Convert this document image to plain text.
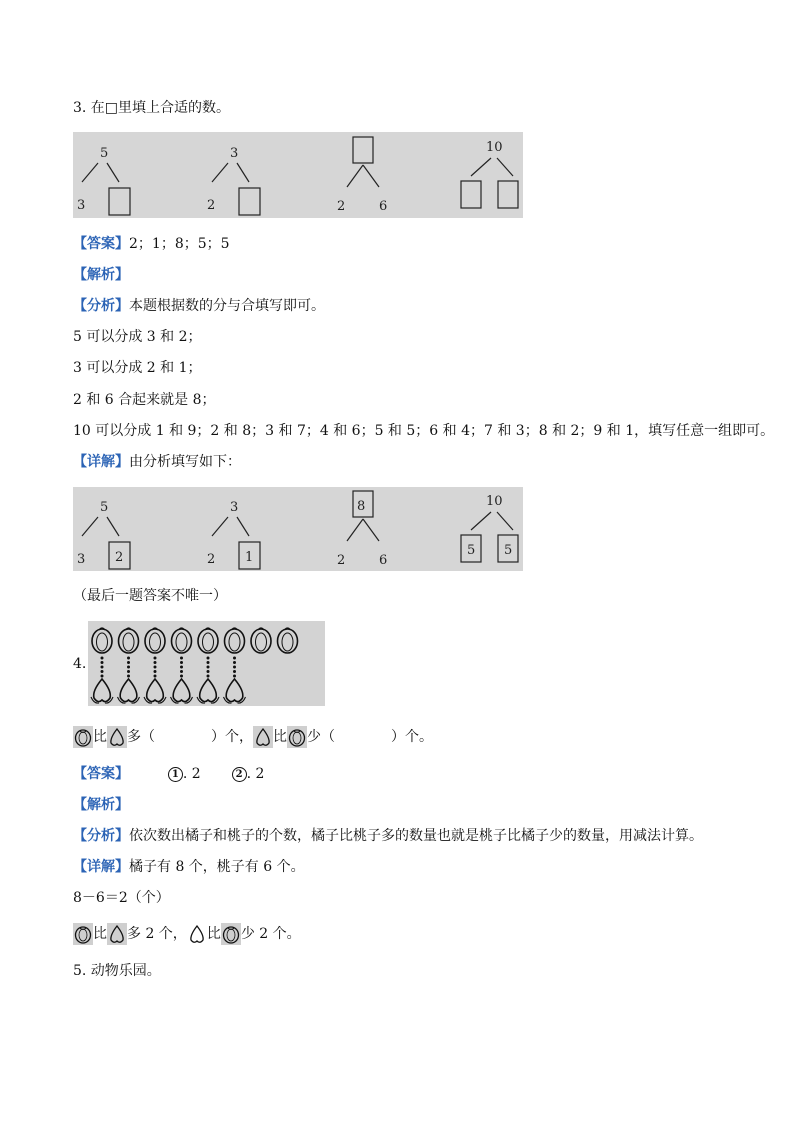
3. 在□里填上合适的数。
5
3
3
2	2	6
10
【答案】2；1；8；5；5
【解析】
【分析】本题根据数的分与合填写即可。
5 可以分成 3 和 2；
3 可以分成 2 和 1；
2 和 6 合起来就是 8；
10 可以分成 1 和 9；2 和 8；3 和 7；4 和 6；5 和 5；6 和 4；7 和 3；8 和 2；9 和 1，填写任意一组即可。
【详解】由分析填写如下：
5
3 2
3
2 1
8
2	6
10
5 5
（最后一题答案不唯一）
4.
比 多（	）个， 比 少（	）个。
【答案】	1 . 2	2 . 2
【解析】
【分析】依次数出橘子和桃子的个数，橘子比桃子多的数量也就是桃子比橘子少的数量，用减法计算。
【详解】橘子有 8 个，桃子有 6 个。
8－6＝2（个）
比 多 2 个， 比 少 2 个。
5. 动物乐园。
